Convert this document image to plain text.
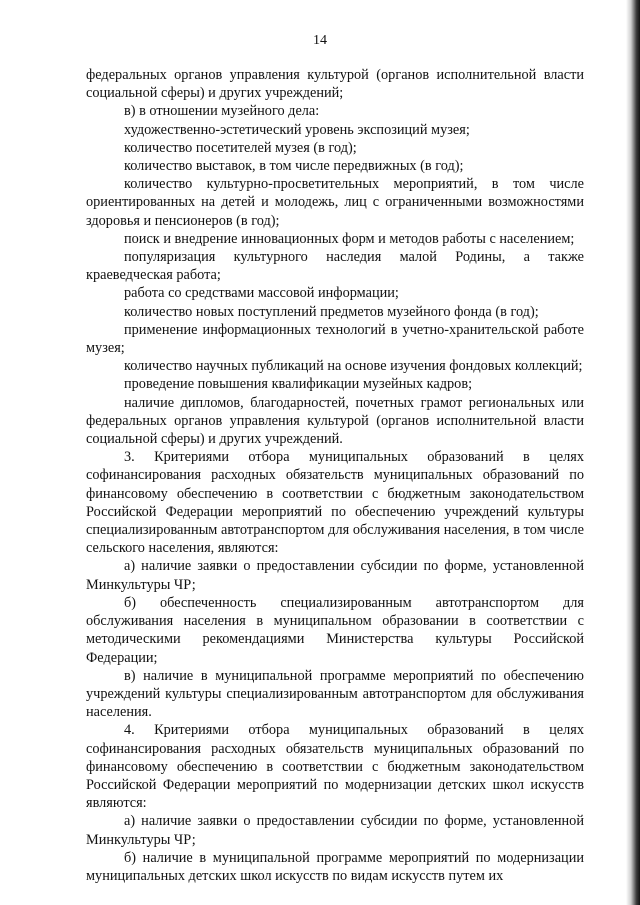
14

федеральных органов управления культурой (органов исполнительной власти социальной сферы) и других учреждений;

в) в отношении музейного дела:

художественно-эстетический уровень экспозиций музея;

количество посетителей музея (в год);

количество выставок, в том числе передвижных (в год);

количество культурно-просветительных мероприятий, в том числе ориентированных на детей и молодежь, лиц с ограниченными возможностями здоровья и пенсионеров (в год);

поиск и внедрение инновационных форм и методов работы с населением;

популяризация культурного наследия малой Родины, а также краеведческая работа;

работа со средствами массовой информации;

количество новых поступлений предметов музейного фонда (в год);

применение информационных технологий в учетно-хранительской работе музея;

количество научных публикаций на основе изучения фондовых коллекций;

проведение повышения квалификации музейных кадров;

наличие дипломов, благодарностей, почетных грамот региональных или федеральных органов управления культурой (органов исполнительной власти социальной сферы) и других учреждений.

3. Критериями отбора муниципальных образований в целях софинансирования расходных обязательств муниципальных образований по финансовому обеспечению в соответствии с бюджетным законодательством Российской Федерации мероприятий по обеспечению учреждений культуры специализированным автотранспортом для обслуживания населения, в том числе сельского населения, являются:

а) наличие заявки о предоставлении субсидии по форме, установленной Минкультуры ЧР;

б) обеспеченность специализированным автотранспортом для обслуживания населения в муниципальном образовании в соответствии с методическими рекомендациями Министерства культуры Российской Федерации;

в) наличие в муниципальной программе мероприятий по обеспечению учреждений культуры специализированным автотранспортом для обслуживания населения.

4. Критериями отбора муниципальных образований в целях софинансирования расходных обязательств муниципальных образований по финансовому обеспечению в соответствии с бюджетным законодательством Российской Федерации мероприятий по модернизации детских школ искусств являются:

а) наличие заявки о предоставлении субсидии по форме, установленной Минкультуры ЧР;

б) наличие в муниципальной программе мероприятий по модернизации муниципальных детских школ искусств по видам искусств путем их
